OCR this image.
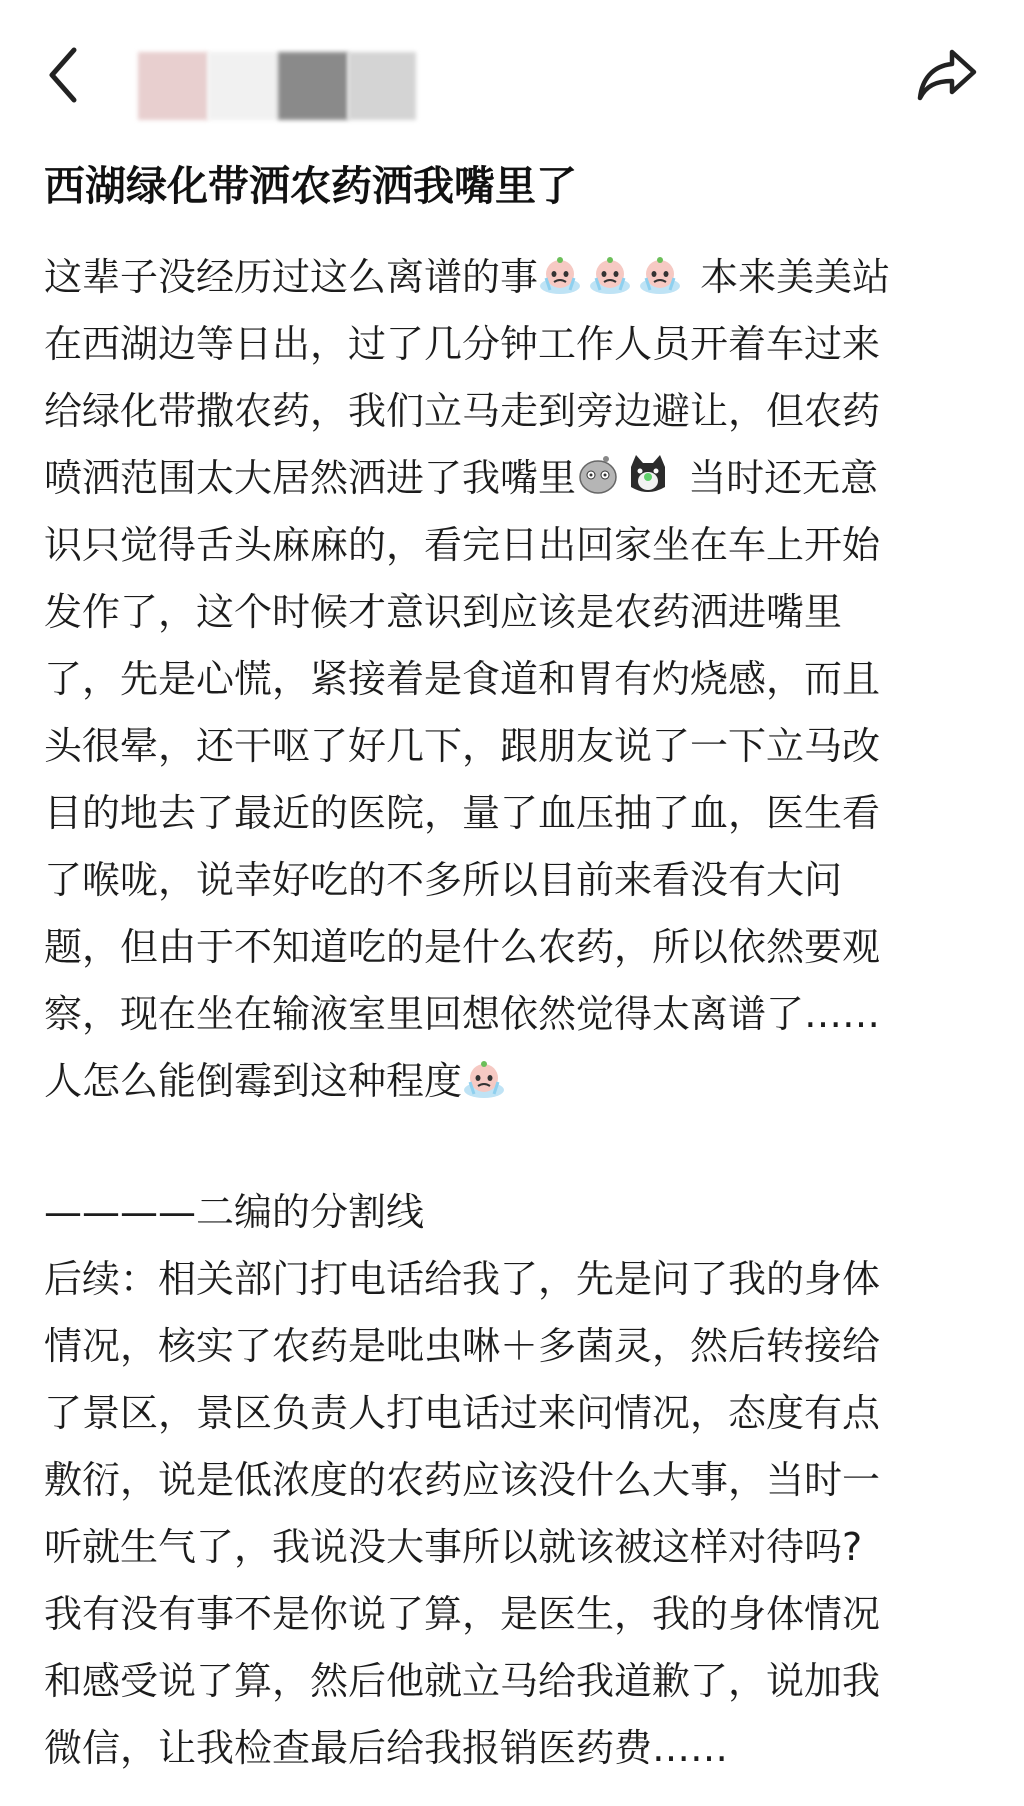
西湖绿化带洒农药洒我嘴里了
这辈子没经历过这么离谱的事	本来美美站
在西湖边等日出，过了几分钟工作人员开着车过来
给绿化带撒农药，我们立马走到旁边避让，但农药
喷洒范围太大居然洒进了我嘴里	当时还无意
识只觉得舌头麻麻的，看完日出回家坐在车上开始
发作了，这个时候才意识到应该是农药洒进嘴里
了，先是心慌，紧接着是食道和胃有灼烧感，而且
头很晕，还干呕了好几下，跟朋友说了一下立马改
目的地去了最近的医院，量了血压抽了血，医生看
了喉咙，说幸好吃的不多所以目前来看没有大问
题，但由于不知道吃的是什么农药，所以依然要观
察，现在坐在输液室里回想依然觉得太离谱了……
人怎么能倒霉到这种程度
————二编的分割线
后续：相关部门打电话给我了，先是问了我的身体
情况，核实了农药是吡虫啉＋多菌灵，然后转接给
了景区，景区负责人打电话过来问情况，态度有点
敷衍，说是低浓度的农药应该没什么大事，当时一
听就生气了，我说没大事所以就该被这样对待吗?
我有没有事不是你说了算，是医生，我的身体情况
和感受说了算，然后他就立马给我道歉了，说加我
微信，让我检查最后给我报销医药费……
